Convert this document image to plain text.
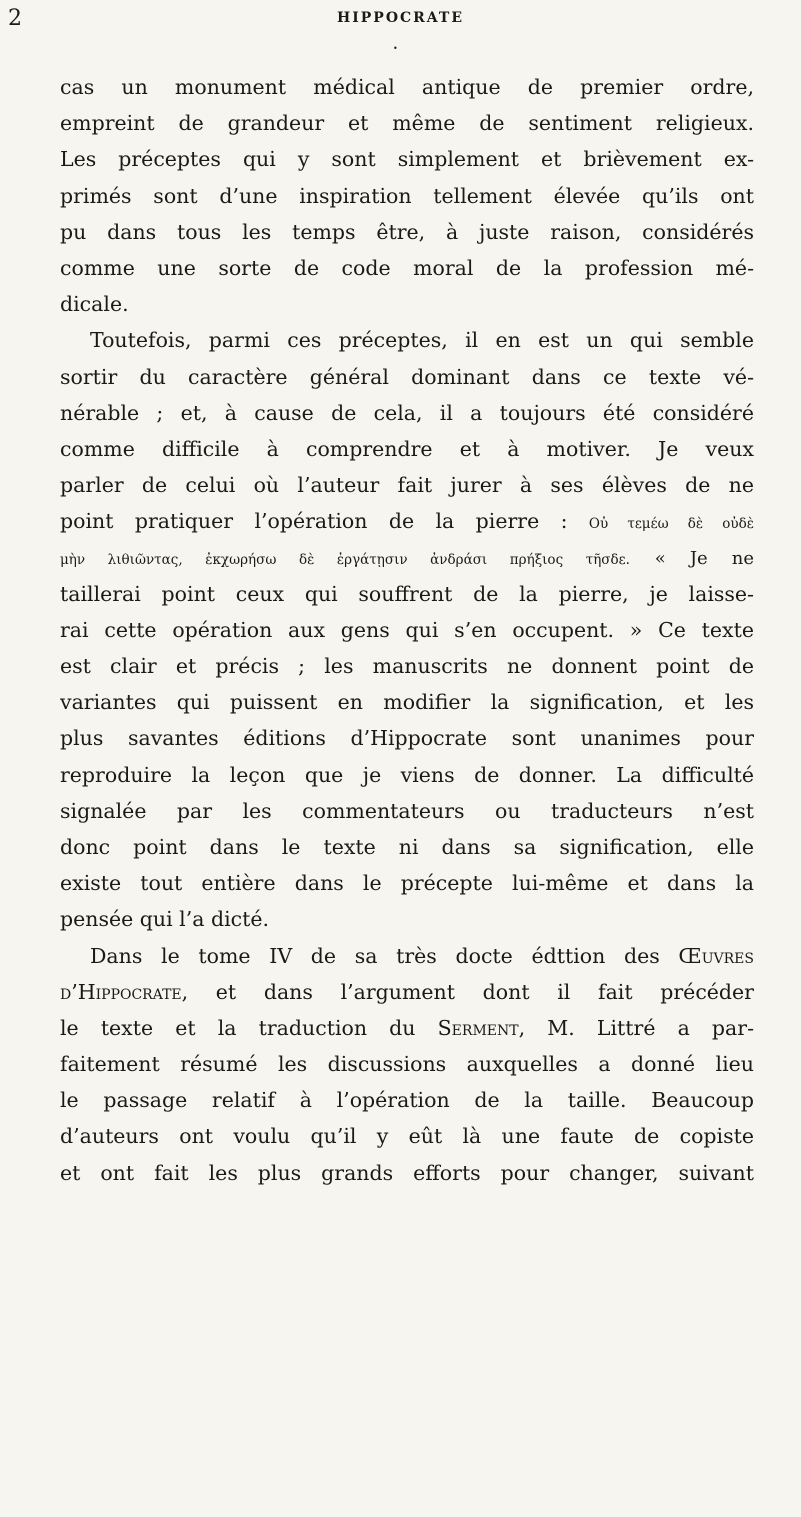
2	HIPPOCRATE
•
cas un monument médical antique de premier ordre,
empreint de grandeur et même de sentiment religieux.
Les préceptes qui y sont simplement et brièvement ex-
primés sont d’une inspiration tellement élevée qu’ils ont
pu dans tous les temps être, à juste raison, considérés
comme une sorte de code moral de la profession mé-
dicale.
Toutefois, parmi ces préceptes, il en est un qui semble
sortir du caractère général dominant dans ce texte vé-
nérable ; et, à cause de cela, il a toujours été considéré
comme difficile à comprendre et à motiver. Je veux
parler de celui où l’auteur fait jurer à ses élèves de ne
point pratiquer l’opération de la pierre : Οὐ τεμέω δὲ οὐδὲ
μὴν λιθιῶντας, ἐκχωρήσω δὲ ἐργάτῃσιν ἀνδράσι πρήξιος τῆσδε. « Je ne
taillerai point ceux qui souffrent de la pierre, je laisse-
rai cette opération aux gens qui s’en occupent. » Ce texte
est clair et précis ; les manuscrits ne donnent point de
variantes qui puissent en modifier la signification, et les
plus savantes éditions d’Hippocrate sont unanimes pour
reproduire la leçon que je viens de donner. La difficulté
signalée par les commentateurs ou traducteurs n’est
donc point dans le texte ni dans sa signification, elle
existe tout entière dans le précepte lui-même et dans la
pensée qui l’a dicté.
Dans le tome IV de sa très docte édttion des Œuvres
d’Hippocrate, et dans l’argument dont il fait précéder
le texte et la traduction du Serment, M. Littré a par-
faitement résumé les discussions auxquelles a donné lieu
le passage relatif à l’opération de la taille. Beaucoup
d’auteurs ont voulu qu’il y eût là une faute de copiste
et ont fait les plus grands efforts pour changer, suivant
